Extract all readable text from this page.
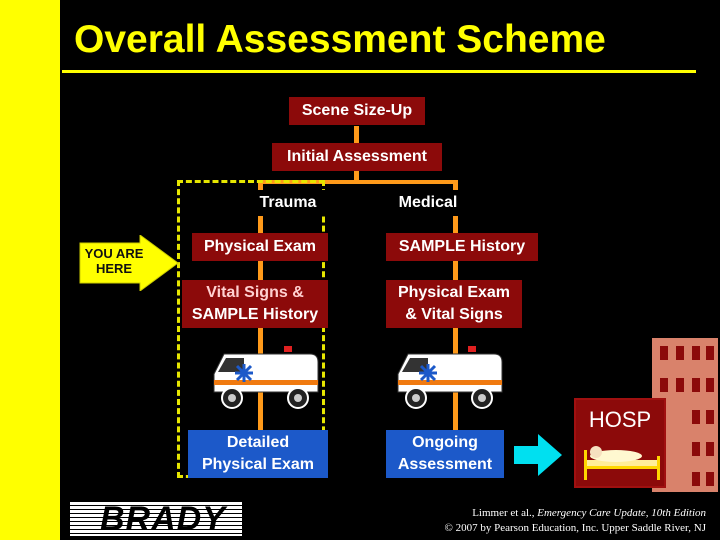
Overall Assessment Scheme
Scene Size-Up
Initial Assessment
Trauma	Medical
Physical Exam	SAMPLE History
Vital Signs &
SAMPLE History
Physical Exam
& Vital Signs
Detailed
Physical Exam
Ongoing
Assessment
YOU ARE
HERE
HOSP
BRADY	Limmer et al., Emergency Care Update, 10th Edition
© 2007 by Pearson Education, Inc. Upper Saddle River, NJ
